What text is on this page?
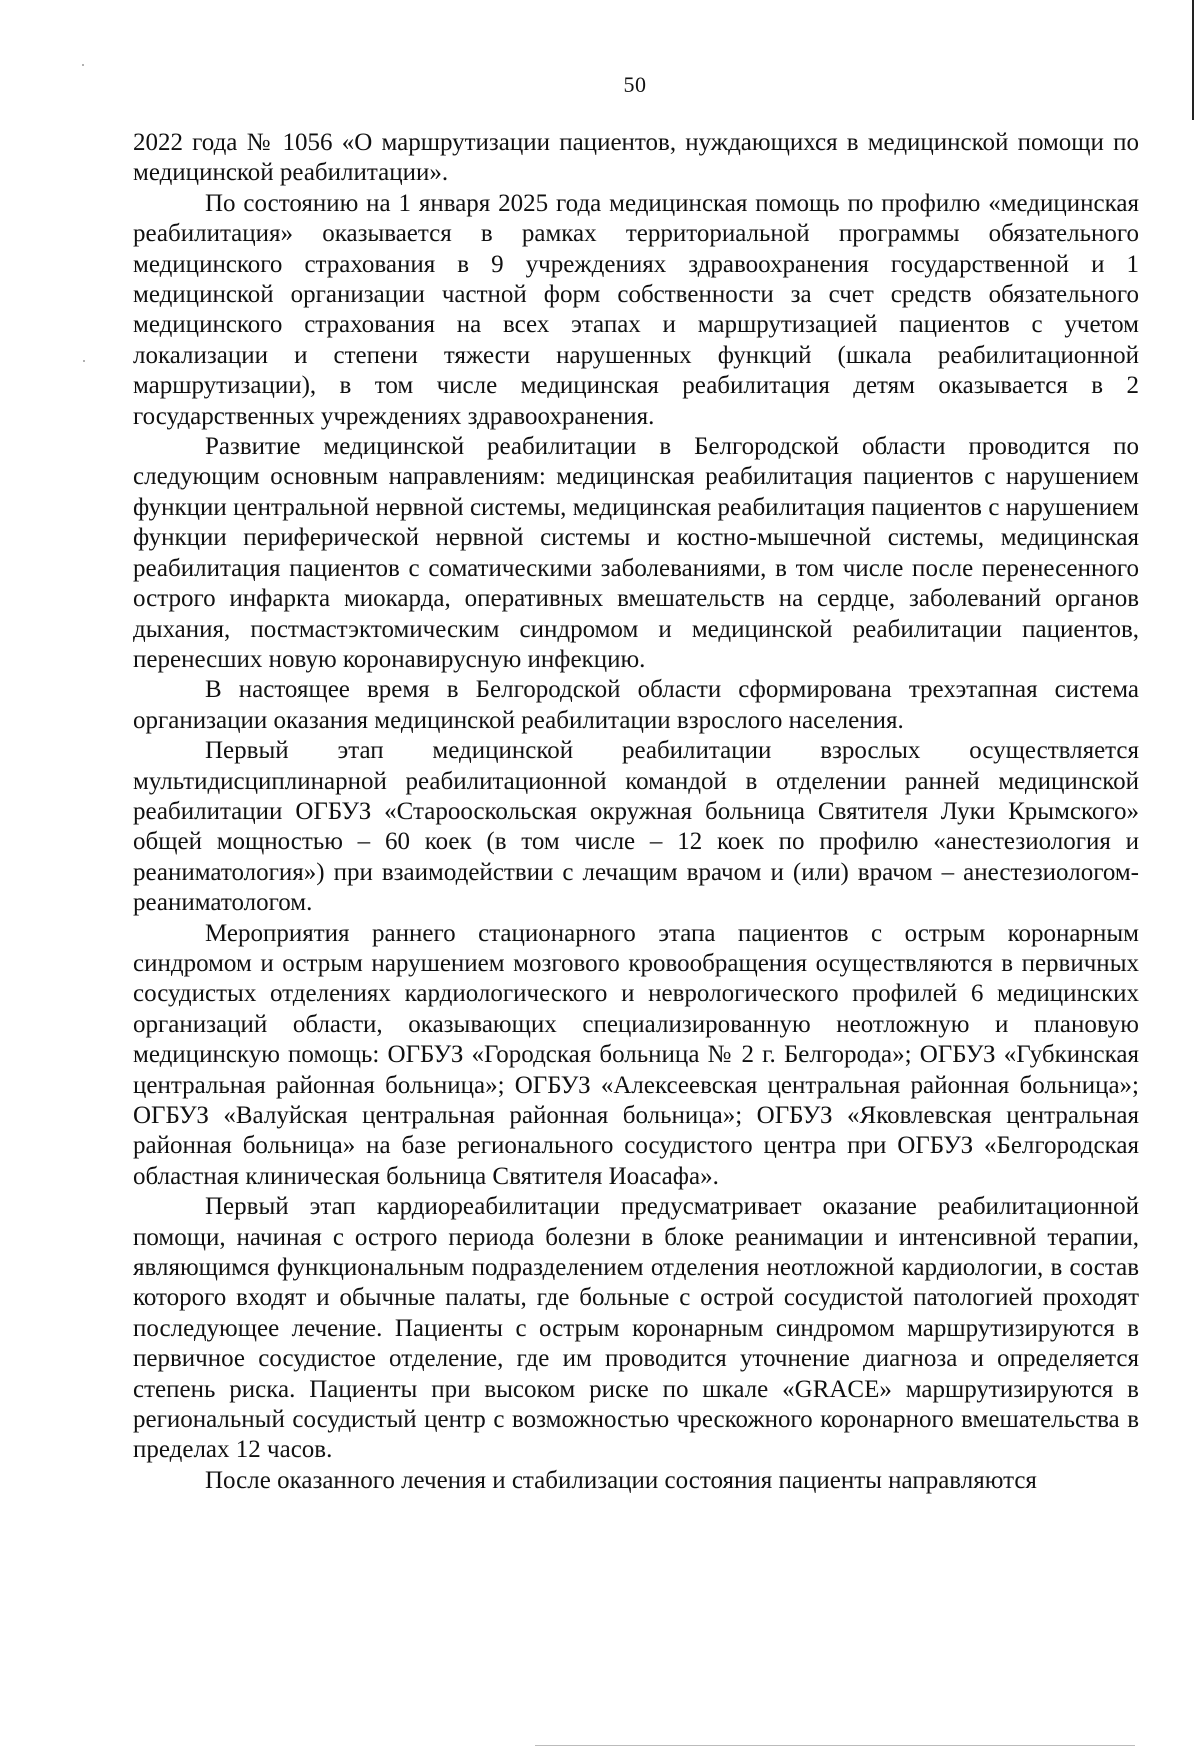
50

2022 года № 1056 «О маршрутизации пациентов, нуждающихся в медицинской помощи по медицинской реабилитации».

По состоянию на 1 января 2025 года медицинская помощь по профилю «медицинская реабилитация» оказывается в рамках территориальной программы обязательного медицинского страхования в 9 учреждениях здравоохранения государственной и 1 медицинской организации частной форм собственности за счет средств обязательного медицинского страхования на всех этапах и маршрутизацией пациентов с учетом локализации и степени тяжести нарушенных функций (шкала реабилитационной маршрутизации), в том числе медицинская реабилитация детям оказывается в 2 государственных учреждениях здравоохранения.

Развитие медицинской реабилитации в Белгородской области проводится по следующим основным направлениям: медицинская реабилитация пациентов с нарушением функции центральной нервной системы, медицинская реабилитация пациентов с нарушением функции периферической нервной системы и костно-мышечной системы, медицинская реабилитация пациентов с соматическими заболеваниями, в том числе после перенесенного острого инфаркта миокарда, оперативных вмешательств на сердце, заболеваний органов дыхания, постмастэктомическим синдромом и медицинской реабилитации пациентов, перенесших новую коронавирусную инфекцию.

В настоящее время в Белгородской области сформирована трехэтапная система организации оказания медицинской реабилитации взрослого населения.

Первый этап медицинской реабилитации взрослых осуществляется мультидисциплинарной реабилитационной командой в отделении ранней медицинской реабилитации ОГБУЗ «Старооскольская окружная больница Святителя Луки Крымского» общей мощностью – 60 коек (в том числе – 12 коек по профилю «анестезиология и реаниматология») при взаимодействии с лечащим врачом и (или) врачом – анестезиологом-реаниматологом.

Мероприятия раннего стационарного этапа пациентов с острым коронарным синдромом и острым нарушением мозгового кровообращения осуществляются в первичных сосудистых отделениях кардиологического и неврологического профилей 6 медицинских организаций области, оказывающих специализированную неотложную и плановую медицинскую помощь: ОГБУЗ «Городская больница № 2 г. Белгорода»; ОГБУЗ «Губкинская центральная районная больница»; ОГБУЗ «Алексеевская центральная районная больница»; ОГБУЗ «Валуйская центральная районная больница»; ОГБУЗ «Яковлевская центральная районная больница» на базе регионального сосудистого центра при ОГБУЗ «Белгородская областная клиническая больница Святителя Иоасафа».

Первый этап кардиореабилитации предусматривает оказание реабилитационной помощи, начиная с острого периода болезни в блоке реанимации и интенсивной терапии, являющимся функциональным подразделением отделения неотложной кардиологии, в состав которого входят и обычные палаты, где больные с острой сосудистой патологией проходят последующее лечение. Пациенты с острым коронарным синдромом маршрутизируются в первичное сосудистое отделение, где им проводится уточнение диагноза и определяется степень риска. Пациенты при высоком риске по шкале «GRACE» маршрутизируются в региональный сосудистый центр с возможностью чрескожного коронарного вмешательства в пределах 12 часов.

После оказанного лечения и стабилизации состояния пациенты направляются
